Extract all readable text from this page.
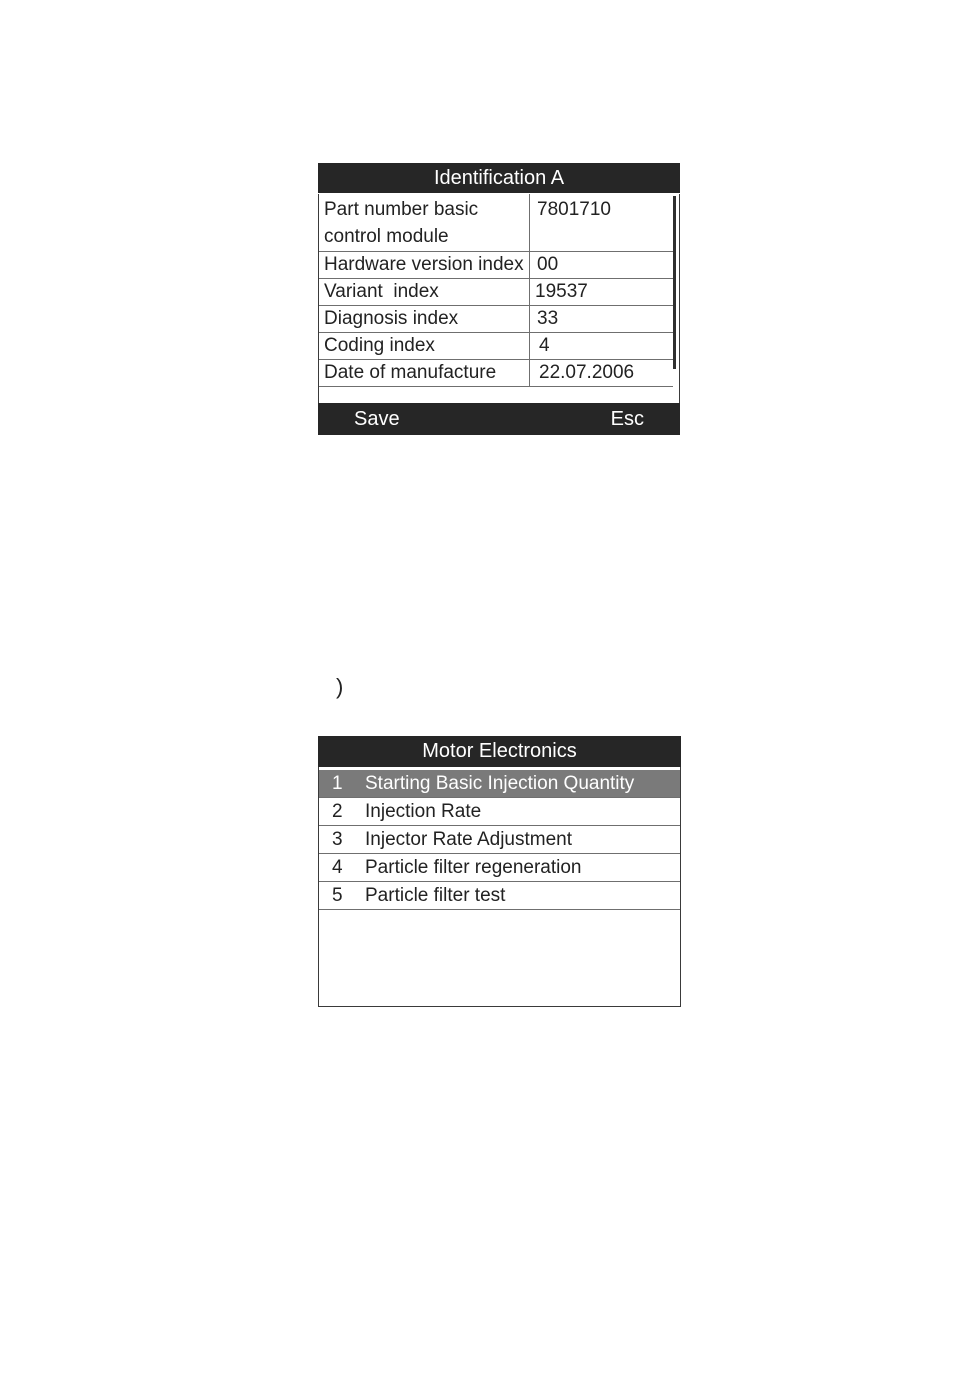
Identification A
Part number basic control module	7801710
Hardware version index	00
Variant  index	19537
Diagnosis index	33
Coding index	4
Date of manufacture	22.07.2006
Save	Esc
)
Motor Electronics
1 Starting Basic Injection Quantity
2 Injection Rate
3 Injector Rate Adjustment
4 Particle filter regeneration
5 Particle filter test
